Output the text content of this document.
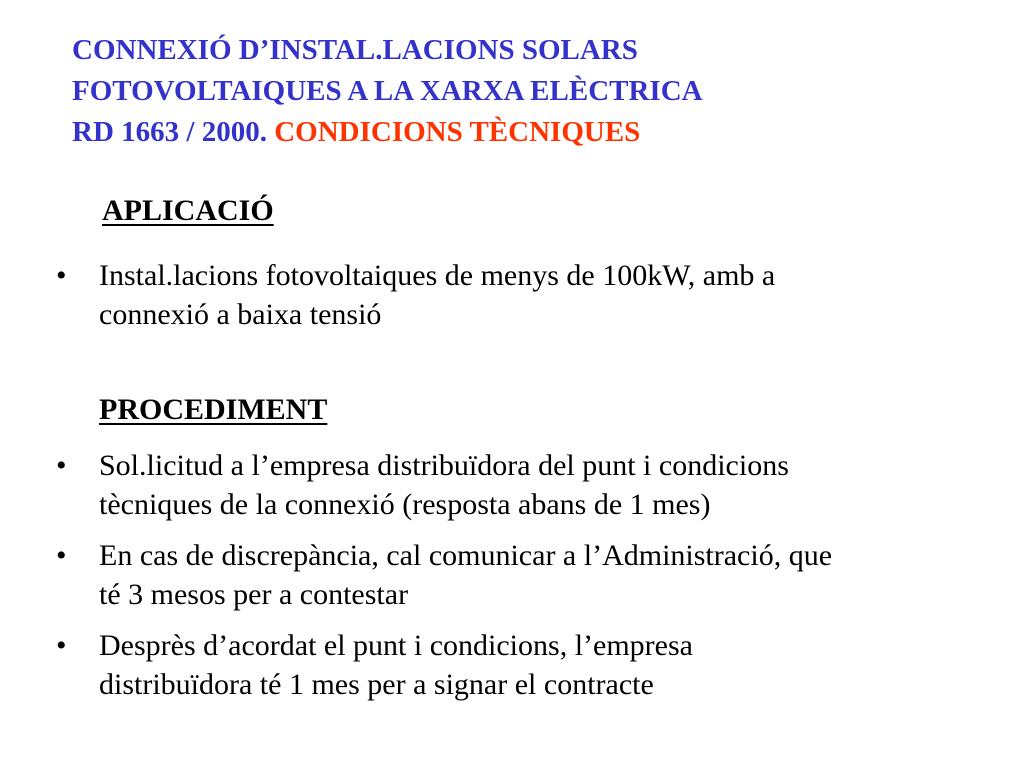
CONNEXIÓ D’INSTAL.LACIONS SOLARS
FOTOVOLTAIQUES A LA XARXA ELÈCTRICA
RD 1663 / 2000. CONDICIONS TÈCNIQUES
APLICACIÓ
•	Instal.lacions fotovoltaiques de menys de 100kW, amb a
connexió a baixa tensió
PROCEDIMENT
•	Sol.licitud a l’empresa distribuïdora del punt i condicions
tècniques de la connexió (resposta abans de 1 mes)
•	En cas de discrepància, cal comunicar a l’Administració, que
té 3 mesos per a contestar
•	Desprès d’acordat el punt i condicions, l’empresa
distribuïdora té 1 mes per a signar el contracte
